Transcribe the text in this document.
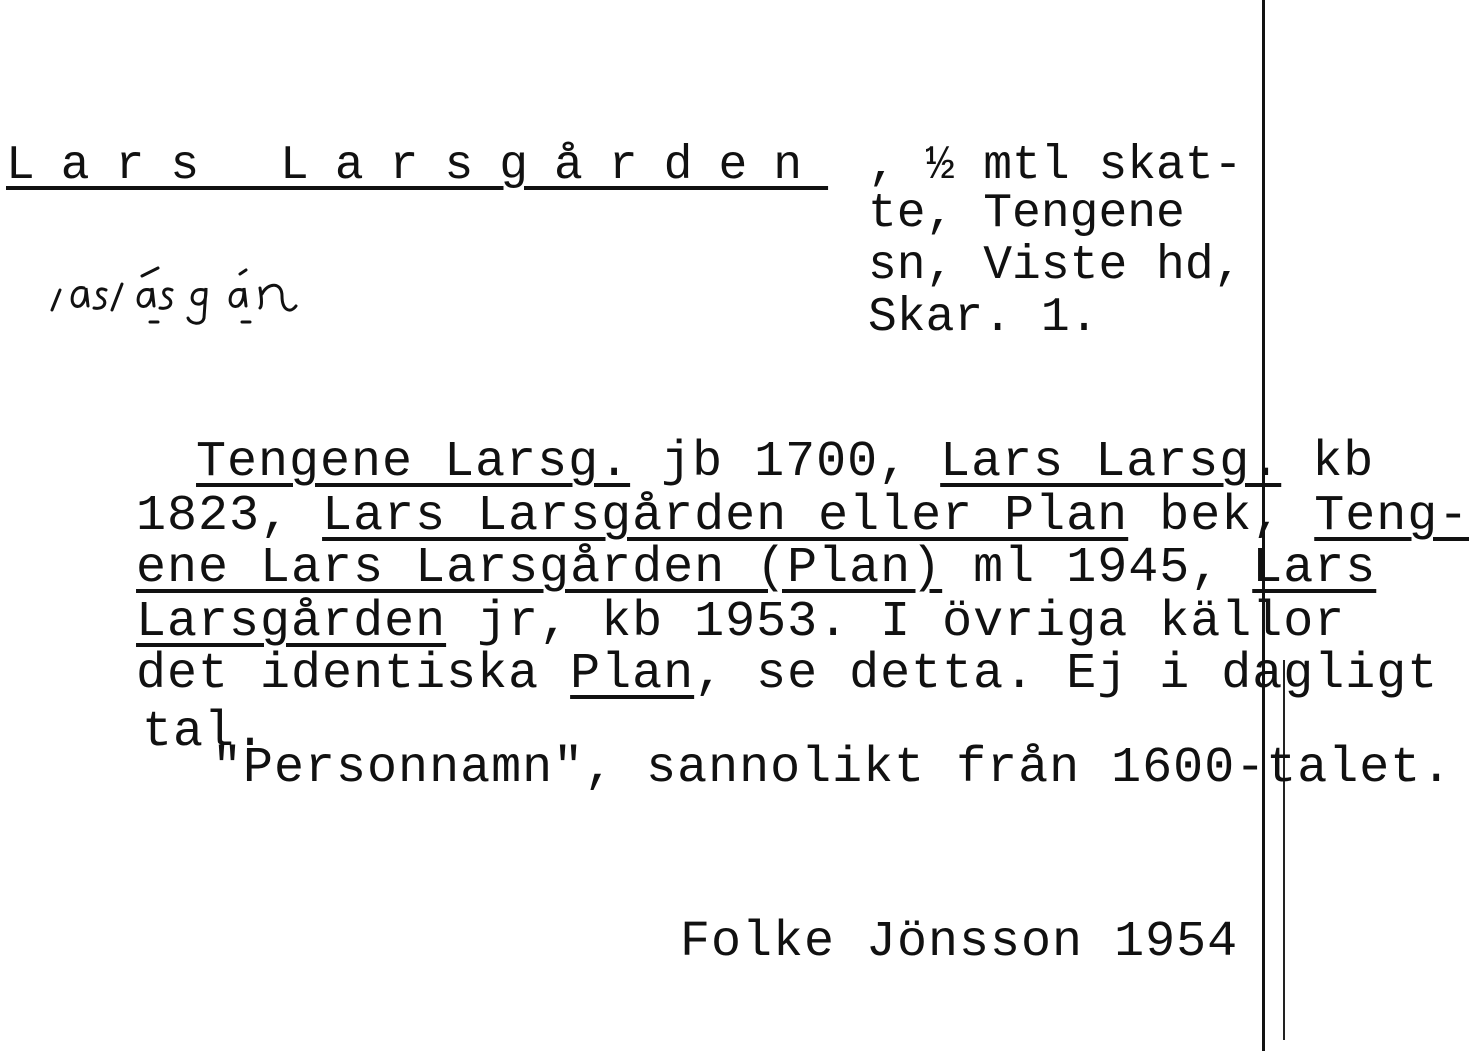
Lars Larsgården , ½ mtl skat-
te, Tengene
sn, Viste hd,
Skar. 1.

Tengene Larsg. jb 1700, Lars Larsg. kb

1823, Lars Larsgården eller Plan bek, Teng-

ene Lars Larsgården (Plan) ml 1945, Lars

Larsgården jr, kb 1953. I övriga källor

det identiska Plan, se detta. Ej i dagligt

tal.

"Personnamn", sannolikt från 1600-talet.

Folke Jönsson 1954
